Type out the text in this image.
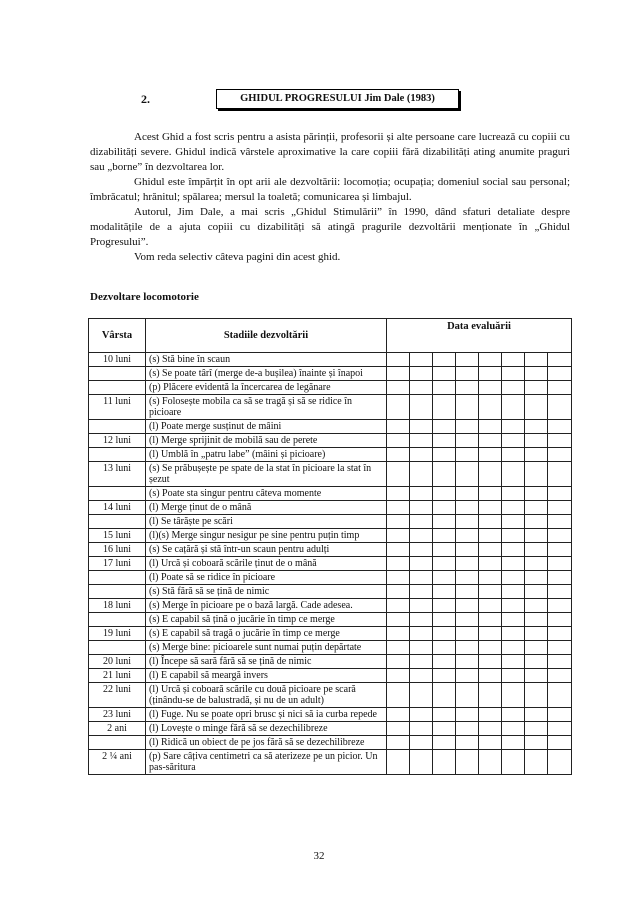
2.	GHIDUL PROGRESULUI Jim Dale (1983)

Acest Ghid a fost scris pentru a asista părinții, profesorii și alte persoane care lucrează cu copiii cu dizabilități severe. Ghidul indică vârstele aproximative la care copiii fără dizabilități ating anumite praguri sau „borne” în dezvoltarea lor.

Ghidul este împărțit în opt arii ale dezvoltării: locomoția; ocupația; domeniul social sau personal; îmbrăcatul; hrănitul; spălarea; mersul la toaletă; comunicarea și limbajul.

Autorul, Jim Dale, a mai scris „Ghidul Stimulării” în 1990, dând sfaturi detaliate despre modalitățile de a ajuta copiii cu dizabilități să atingă pragurile dezvoltării menționate în „Ghidul Progresului”.

Vom reda selectiv câteva pagini din acest ghid.

Dezvoltare locomotorie
Vârsta	Stadiile dezvoltării	Data evaluării							
10 luni	(s) Stă bine în scaun								
	(s) Se poate târî (merge de-a bușilea) înainte și înapoi								
	(p) Plăcere evidentă la încercarea de legănare								
11 luni	(s) Folosește mobila ca să se tragă și să se ridice în picioare								
	(l) Poate merge susținut de mâini								
12 luni	(l) Merge sprijinit de mobilă sau de perete								
	(l) Umblă în „patru labe” (mâini și picioare)								
13 luni	(s) Se prăbușește pe spate de la stat în picioare la stat în șezut								
	(s) Poate sta singur pentru câteva momente								
14 luni	(l) Merge ținut de o mână								
	(l) Se târăște pe scări								
15 luni	(l)(s) Merge singur nesigur pe sine pentru puțin timp								
16 luni	(s) Se cațără și stă într-un scaun pentru adulți								
17 luni	(l) Urcă și coboară scările ținut de o mână								
	(l) Poate să se ridice în picioare								
	(s) Stă fără să se țină de nimic								
18 luni	(s) Merge în picioare pe o bază largă. Cade adesea.								
	(s) E capabil să țină o jucărie în timp ce merge								
19 luni	(s) E capabil să tragă o jucărie în timp ce merge								
	(s) Merge bine: picioarele sunt numai puțin depărtate								
20 luni	(l) Începe să sară fără să se țină de nimic								
21 luni	(l) E capabil să meargă invers								
22 luni	(l) Urcă și coboară scările cu două picioare pe scară (ținându-se de balustradă, și nu de un adult)								
23 luni	(l) Fuge. Nu se poate opri brusc și nici să ia curba repede								
2 ani	(l) Lovește o minge fără să se dezechilibreze								
	(l) Ridică un obiect de pe jos fără să se dezechilibreze								
2 ¼ ani	(p) Sare câțiva centimetri ca să aterizeze pe un picior. Un pas-săritura								
32
